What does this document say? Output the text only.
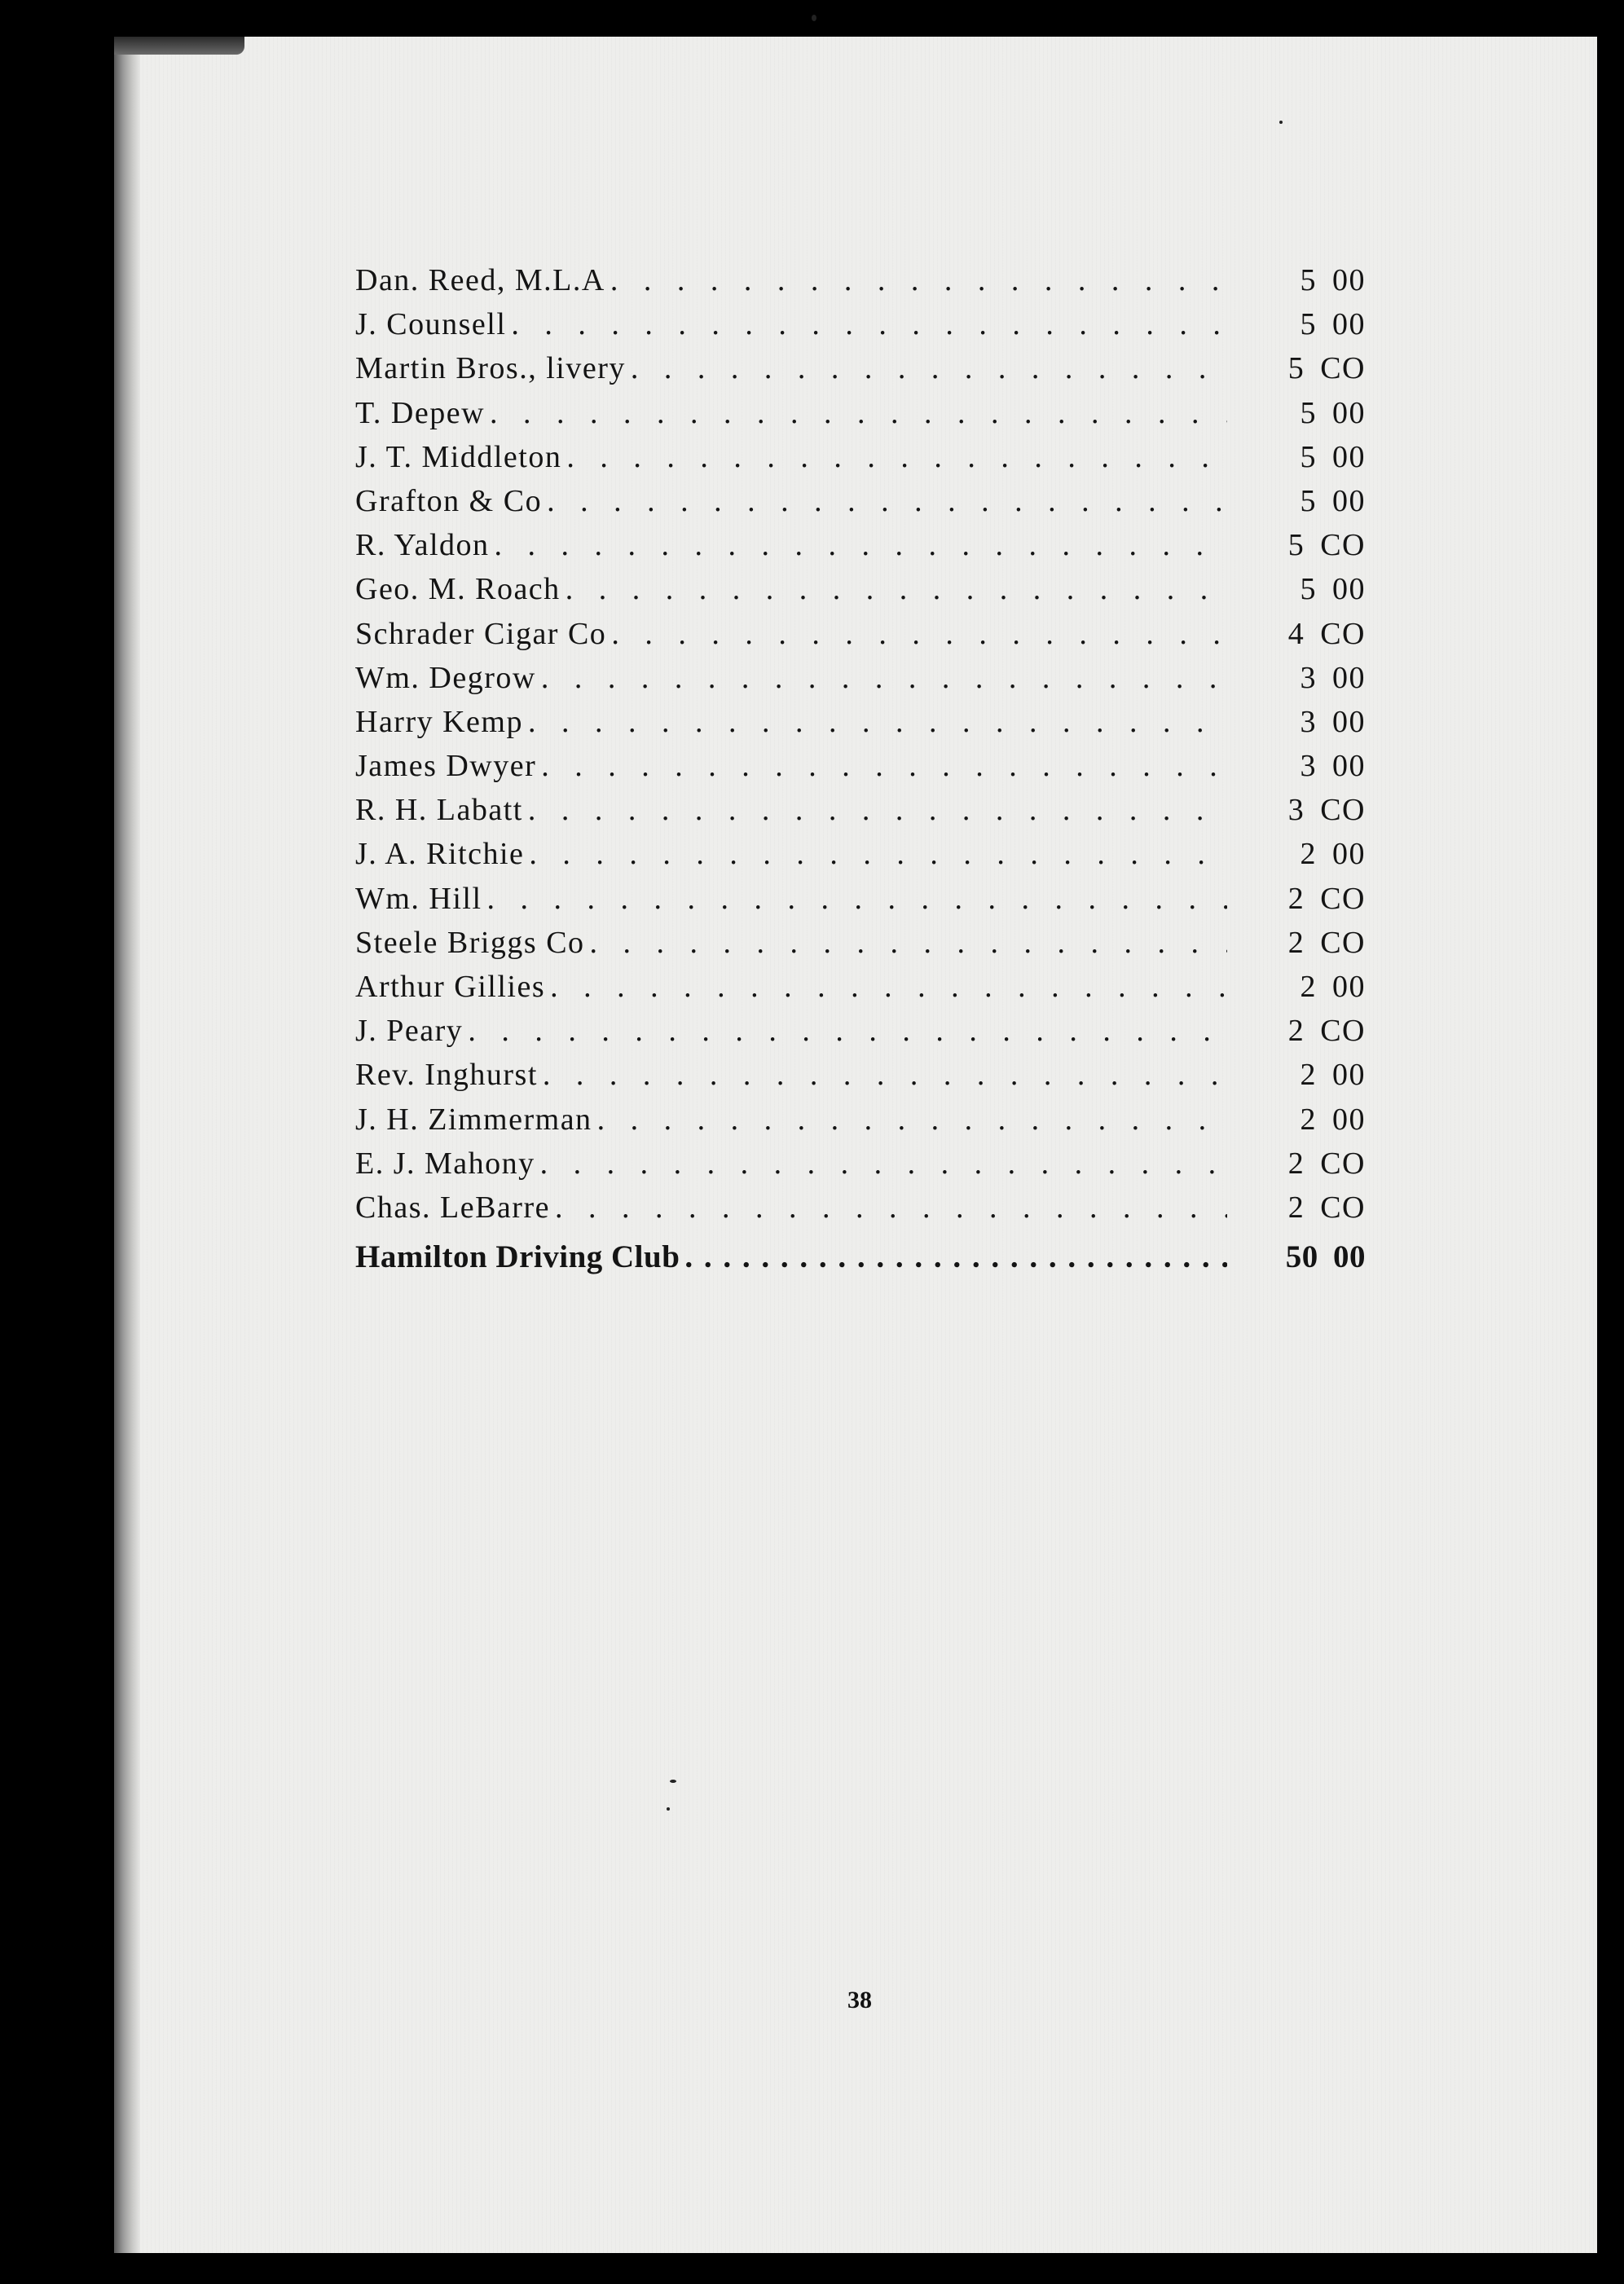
Dan. Reed, M.L.A . . .	5 00
J. Counsell . . .	5 00
Martin Bros., livery . . .	5 CO
T. Depew . . .	5 00
J. T. Middleton . . .	5 00
Grafton & Co . . .	5 00
R. Yaldon . . .	5 CO
Geo. M. Roach . . .	5 00
Schrader Cigar Co . . .	4 CO
Wm. Degrow . . .	3 00
Harry Kemp . . .	3 00
James Dwyer . . .	3 00
R. H. Labatt . . .	3 CO
J. A. Ritchie . . .	2 00
Wm. Hill . . .	2 CO
Steele Briggs Co . . .	2 CO
Arthur Gillies . . .	2 00
J. Peary . . .	2 CO
Rev. Inghurst . . .	2 00
J. H. Zimmerman . . .	2 00
E. J. Mahony . . .	2 CO
Chas. LeBarre . . .	2 CO
Hamilton Driving Club . . .	50 00
38
